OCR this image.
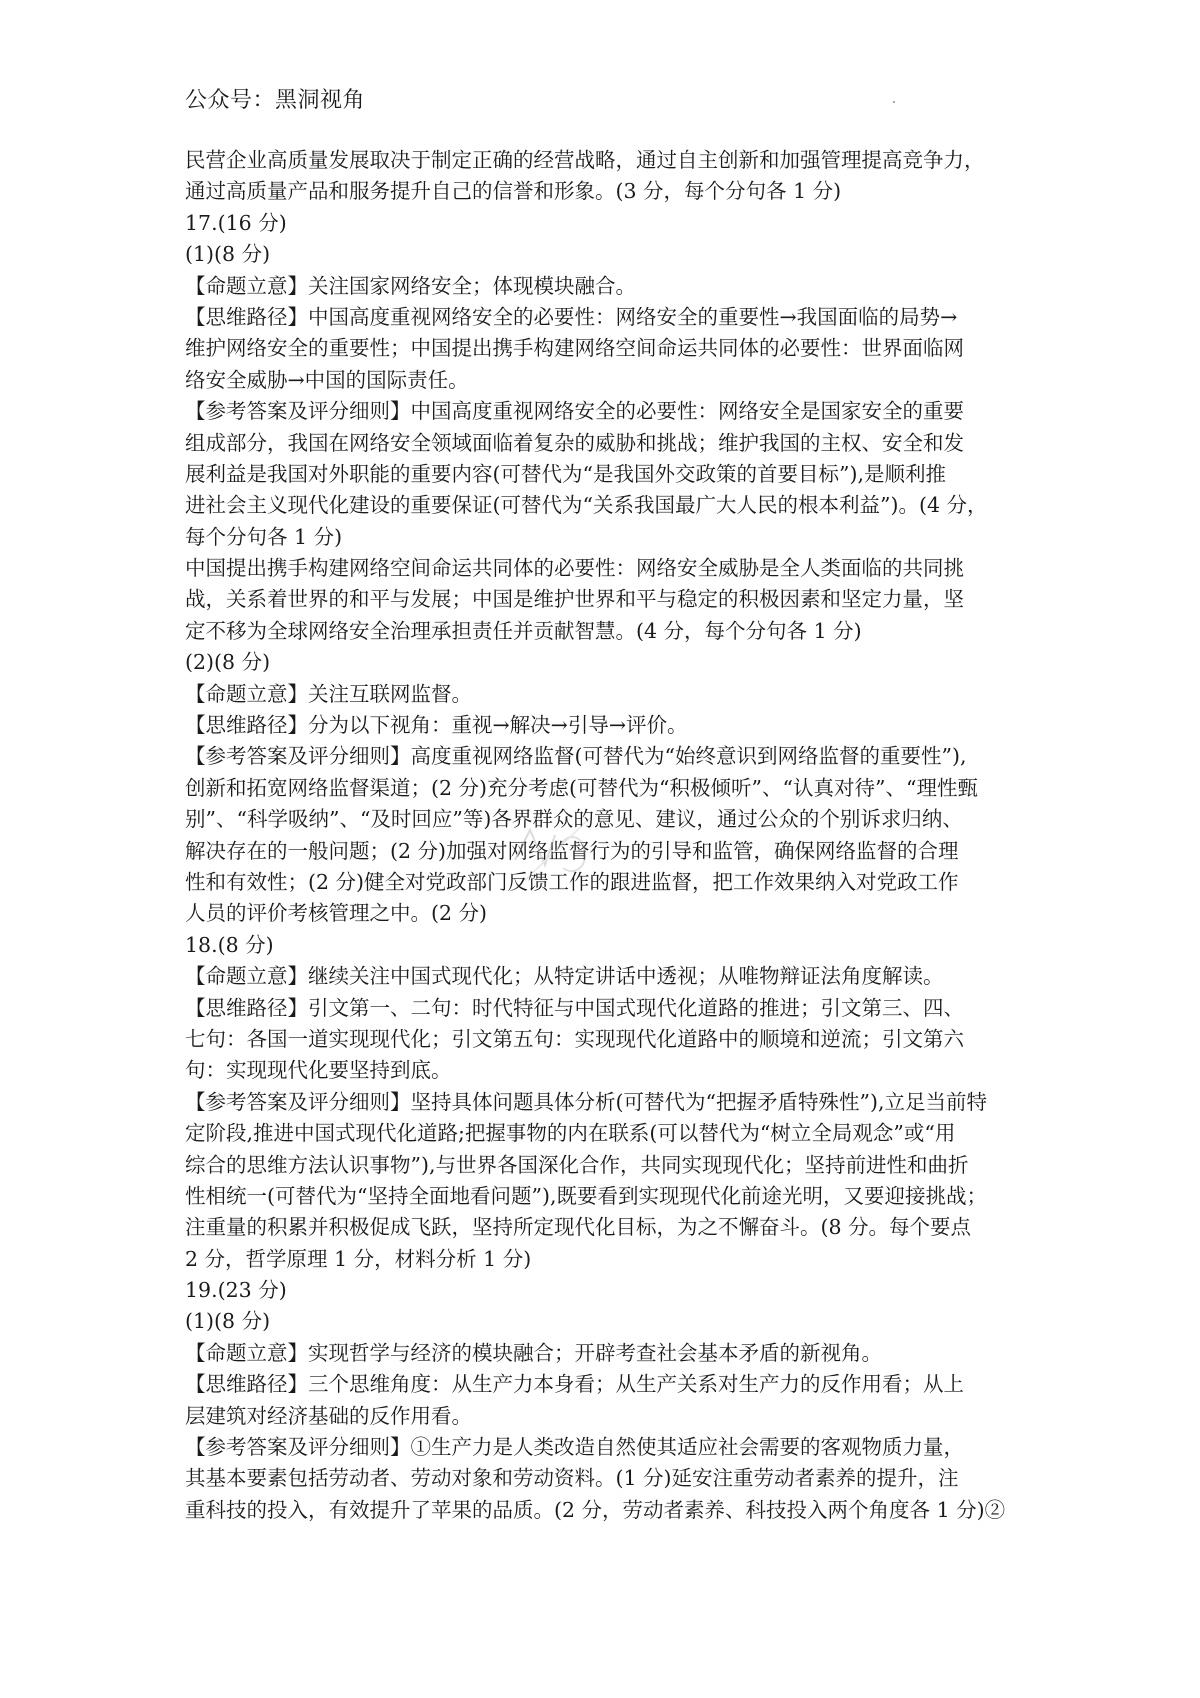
公众号：黑洞视角
民营企业高质量发展取决于制定正确的经营战略，通过自主创新和加强管理提高竞争力，
通过高质量产品和服务提升自己的信誉和形象。(3 分，每个分句各 1 分)
17.(16 分)
(1)(8 分)
【命题立意】关注国家网络安全；体现模块融合。
【思维路径】中国高度重视网络安全的必要性：网络安全的重要性→我国面临的局势→
维护网络安全的重要性；中国提出携手构建网络空间命运共同体的必要性：世界面临网
络安全威胁→中国的国际责任。
【参考答案及评分细则】中国高度重视网络安全的必要性：网络安全是国家安全的重要
组成部分，我国在网络安全领域面临着复杂的威胁和挑战；维护我国的主权、安全和发
展利益是我国对外职能的重要内容(可替代为“是我国外交政策的首要目标”),是顺利推
进社会主义现代化建设的重要保证(可替代为“关系我国最广大人民的根本利益”)。(4 分，
每个分句各 1 分)
中国提出携手构建网络空间命运共同体的必要性：网络安全威胁是全人类面临的共同挑
战，关系着世界的和平与发展；中国是维护世界和平与稳定的积极因素和坚定力量，坚
定不移为全球网络安全治理承担责任并贡献智慧。(4 分，每个分句各 1 分)
(2)(8 分)
【命题立意】关注互联网监督。
【思维路径】分为以下视角：重视→解决→引导→评价。
【参考答案及评分细则】高度重视网络监督(可替代为“始终意识到网络监督的重要性”),
创新和拓宽网络监督渠道；(2 分)充分考虑(可替代为“积极倾听”、“认真对待”、“理性甄
别”、“科学吸纳”、“及时回应”等)各界群众的意见、建议，通过公众的个别诉求归纳、
解决存在的一般问题；(2 分)加强对网络监督行为的引导和监管，确保网络监督的合理
性和有效性；(2 分)健全对党政部门反馈工作的跟进监督，把工作效果纳入对党政工作
人员的评价考核管理之中。(2 分)
18.(8 分)
【命题立意】继续关注中国式现代化；从特定讲话中透视；从唯物辩证法角度解读。
【思维路径】引文第一、二句：时代特征与中国式现代化道路的推进；引文第三、四、
七句：各国一道实现现代化；引文第五句：实现现代化道路中的顺境和逆流；引文第六
句：实现现代化要坚持到底。
【参考答案及评分细则】坚持具体问题具体分析(可替代为“把握矛盾特殊性”),立足当前特
定阶段,推进中国式现代化道路;把握事物的内在联系(可以替代为“树立全局观念”或“用
综合的思维方法认识事物”),与世界各国深化合作，共同实现现代化；坚持前进性和曲折
性相统一(可替代为“坚持全面地看问题”),既要看到实现现代化前途光明，又要迎接挑战；
注重量的积累并积极促成飞跃，坚持所定现代化目标，为之不懈奋斗。(8 分。每个要点
2 分，哲学原理 1 分，材料分析 1 分)
19.(23 分)
(1)(8 分)
【命题立意】实现哲学与经济的模块融合；开辟考查社会基本矛盾的新视角。
【思维路径】三个思维角度：从生产力本身看；从生产关系对生产力的反作用看；从上
层建筑对经济基础的反作用看。
【参考答案及评分细则】①生产力是人类改造自然使其适应社会需要的客观物质力量，
其基本要素包括劳动者、劳动对象和劳动资料。(1 分)延安注重劳动者素养的提升，注
重科技的投入，有效提升了苹果的品质。(2 分，劳动者素养、科技投入两个角度各 1 分)②
